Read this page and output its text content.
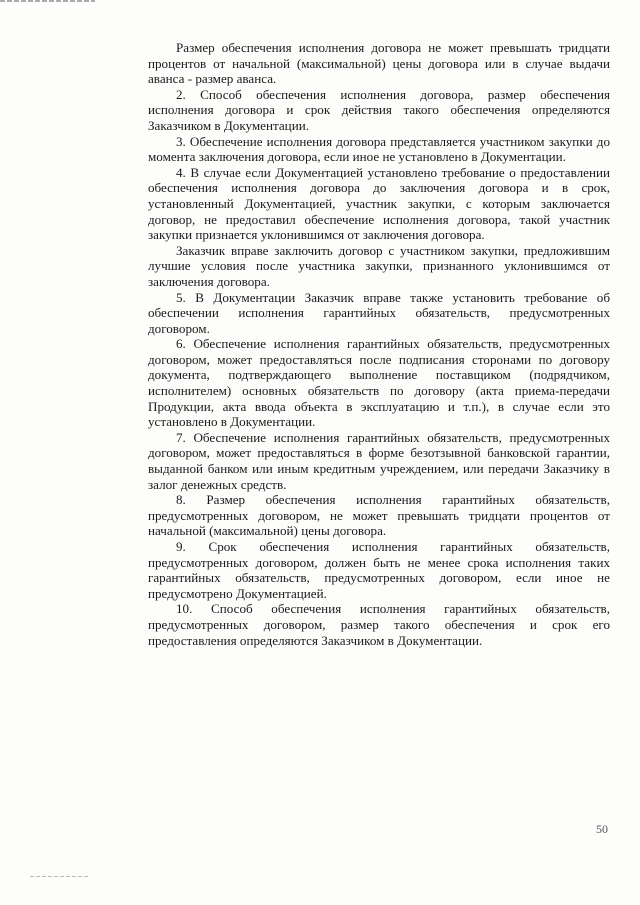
Размер обеспечения исполнения договора не может превышать тридцати процентов от начальной (максимальной) цены договора или в случае выдачи аванса - размер аванса.

2. Способ обеспечения исполнения договора, размер обеспечения исполнения договора и срок действия такого обеспечения определяются Заказчиком в Документации.

3. Обеспечение исполнения договора представляется участником закупки до момента заключения договора, если иное не установлено в Документации.

4. В случае если Документацией установлено требование о предоставлении обеспечения исполнения договора до заключения договора и в срок, установленный Документацией, участник закупки, с которым заключается договор, не предоставил обеспечение исполнения договора, такой участник закупки признается уклонившимся от заключения договора.

Заказчик вправе заключить договор с участником закупки, предложившим лучшие условия после участника закупки, признанного уклонившимся от заключения договора.

5. В Документации Заказчик вправе также установить требование об обеспечении исполнения гарантийных обязательств, предусмотренных договором.

6. Обеспечение исполнения гарантийных обязательств, предусмотренных договором, может предоставляться после подписания сторонами по договору документа, подтверждающего выполнение поставщиком (подрядчиком, исполнителем) основных обязательств по договору (акта приема-передачи Продукции, акта ввода объекта в эксплуатацию и т.п.), в случае если это установлено в Документации.

7. Обеспечение исполнения гарантийных обязательств, предусмотренных договором, может предоставляться в форме безотзывной банковской гарантии, выданной банком или иным кредитным учреждением, или передачи Заказчику в залог денежных средств.

8. Размер обеспечения исполнения гарантийных обязательств, предусмотренных договором, не может превышать тридцати процентов от начальной (максимальной) цены договора.

9. Срок обеспечения исполнения гарантийных обязательств, предусмотренных договором, должен быть не менее срока исполнения таких гарантийных обязательств, предусмотренных договором, если иное не предусмотрено Документацией.

10. Способ обеспечения исполнения гарантийных обязательств, предусмотренных договором, размер такого обеспечения и срок его предоставления определяются Заказчиком в Документации.

50
